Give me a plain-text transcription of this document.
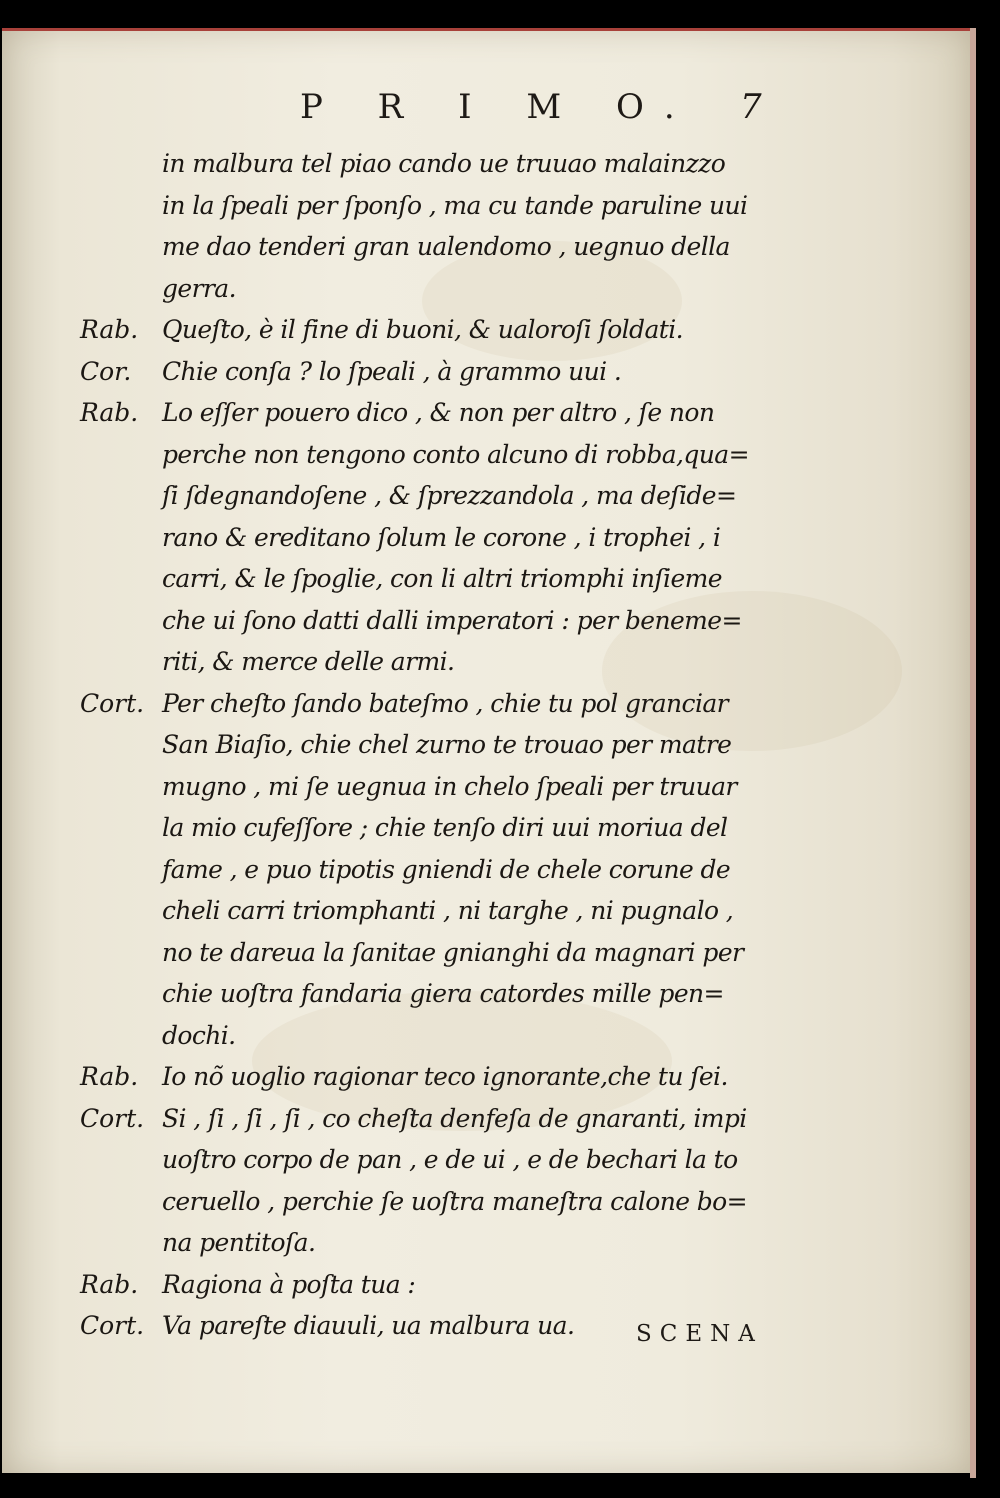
P R I M O. 7
in malbura tel piao cando ue truuao malainzzo
in la ſpeali per ſponſo , ma cu tande paruline uui
me dao tenderi gran ualendomo , uegnuo della
gerra.
Rab. Queſto, è il fine di buoni, & ualoroſi ſoldati.
Cor. Chie conſa ? lo ſpeali , à grammo uui .
Rab. Lo eſſer pouero dico , & non per altro , ſe non
perche non tengono conto alcuno di robba,qua=
ſi ſdegnandoſene , & ſprezzandola , ma deſide=
rano & ereditano ſolum le corone , i trophei , i
carri, & le ſpoglie, con li altri triomphi inſieme
che ui ſono datti dalli imperatori : per beneme=
riti, & merce delle armi.
Cort. Per cheſto ſando bateſmo , chie tu pol granciar
San Biaſio, chie chel zurno te trouao per matre
mugno , mi ſe uegnua in chelo ſpeali per truuar
la mio cufeſſore ; chie tenſo diri uui moriua del
fame , e puo tipotis gniendi de chele corune de
cheli carri triomphanti , ni targhe , ni pugnalo ,
no te dareua la ſanitae gnianghi da magnari per
chie uoſtra fandaria giera catordes mille pen=
dochi.
Rab. Io nõ uoglio ragionar teco ignorante,che tu ſei.
Cort. Si , ſi , ſi , ſi , co cheſta denfeſa de gnaranti, impi
uoſtro corpo de pan , e de ui , e de bechari la to
ceruello , perchie ſe uoſtra maneſtra calone bo=
na pentitoſa.
Rab. Ragiona à poſta tua :
Cort. Va pareſte diauuli, ua malbura ua.	SCENA
